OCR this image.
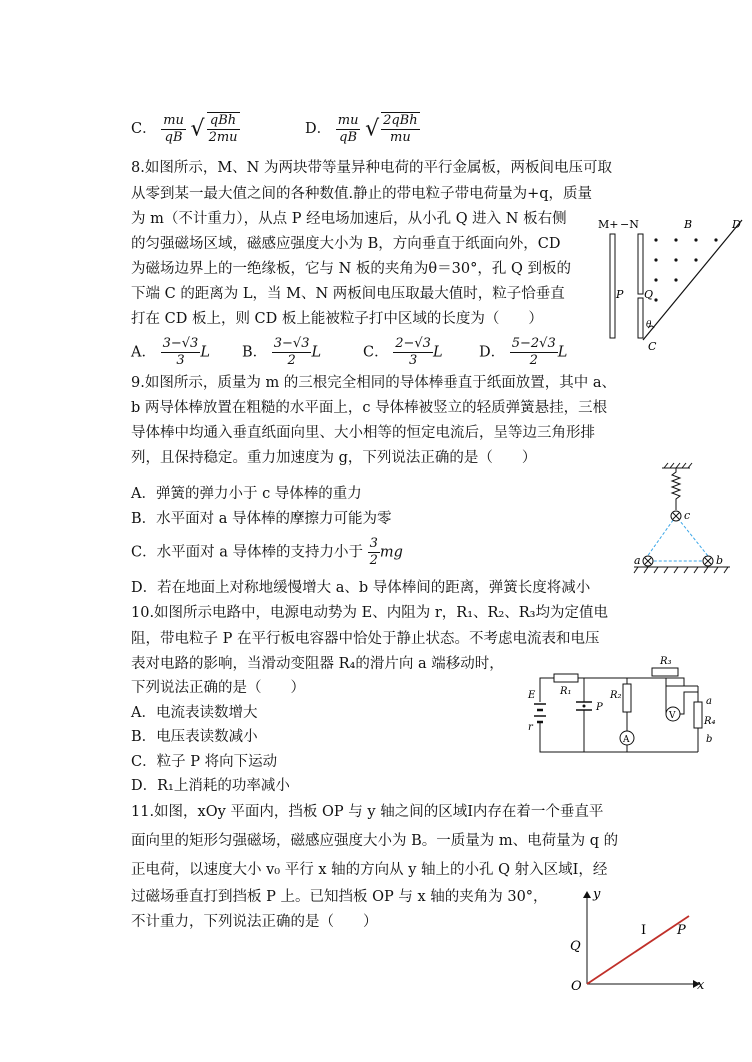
C． $\frac{mu}{qB}$ √ $\frac{\text{qBh}}{2mu}$	D． $\frac{mu}{qB}$ √ $\frac{\text{2qBh}}{mu}$
8.如图所示，M、N 为两块带等量异种电荷的平行金属板，两板间电压可取
从零到某一最大值之间的各种数值.静止的带电粒子带电荷量为+q，质量
为 m（不计重力），从点 P 经电场加速后，从小孔 Q 进入 N 板右侧
的匀强磁场区域，磁感应强度大小为 B，方向垂直于纸面向外，CD
为磁场边界上的一绝缘板，它与 N 板的夹角为θ＝30°，孔 Q 到板的
下端 C 的距离为 L，当 M、N 两板间电压取最大值时，粒子恰垂直
打在 CD 板上，则 CD 板上能被粒子打中区域的长度为（　　）
A． $\frac{3-√3}{3}$ L B． $\frac{3-√3}{2}$ L	C． $\frac{2-√3}{3}$ L	D． $\frac{5-2√3}{2}$ L
M+ −N	B	D
P Q
θ
C
9.如图所示，质量为 m 的三根完全相同的导体棒垂直于纸面放置，其中 a、
b 两导体棒放置在粗糙的水平面上，c 导体棒被竖立的轻质弹簧悬挂，三根
导体棒中均通入垂直纸面向里、大小相等的恒定电流后，呈等边三角形排
列，且保持稳定。重力加速度为 g，下列说法正确的是（　　）
A．弹簧的弹力小于 c 导体棒的重力
B．水平面对 a 导体棒的摩擦力可能为零
C．水平面对 a 导体棒的支持力小于 $\frac{3}{2}$ mg
D．若在地面上对称地缓慢增大 a、b 导体棒间的距离，弹簧长度将减小
c
a	b
10.如图所示电路中，电源电动势为 E、内阻为 r，R₁、R₂、R₃均为定值电
阻，带电粒子 P 在平行板电容器中恰处于静止状态。不考虑电流表和电压
表对电路的影响，当滑动变阻器 R₄的滑片向 a 端移动时，
下列说法正确的是（　　）
A．电流表读数增大
B．电压表读数减小
C．粒子 P 将向下运动
D．R₁上消耗的功率减小
E
r
R₁
P
R₂
A
R₃
V
a
R₄
b
11.如图，xOy 平面内，挡板 OP 与 y 轴之间的区域Ⅰ内存在着一个垂直平
面向里的矩形匀强磁场，磁感应强度大小为 B。一质量为 m、电荷量为 q 的
正电荷，以速度大小 v₀ 平行 x 轴的方向从 y 轴上的小孔 Q 射入区域Ⅰ，经
过磁场垂直打到挡板 P 上。已知挡板 OP 与 x 轴的夹角为 30°，
不计重力，下列说法正确的是（　　）
y
x
O
Q
P
Ⅰ
